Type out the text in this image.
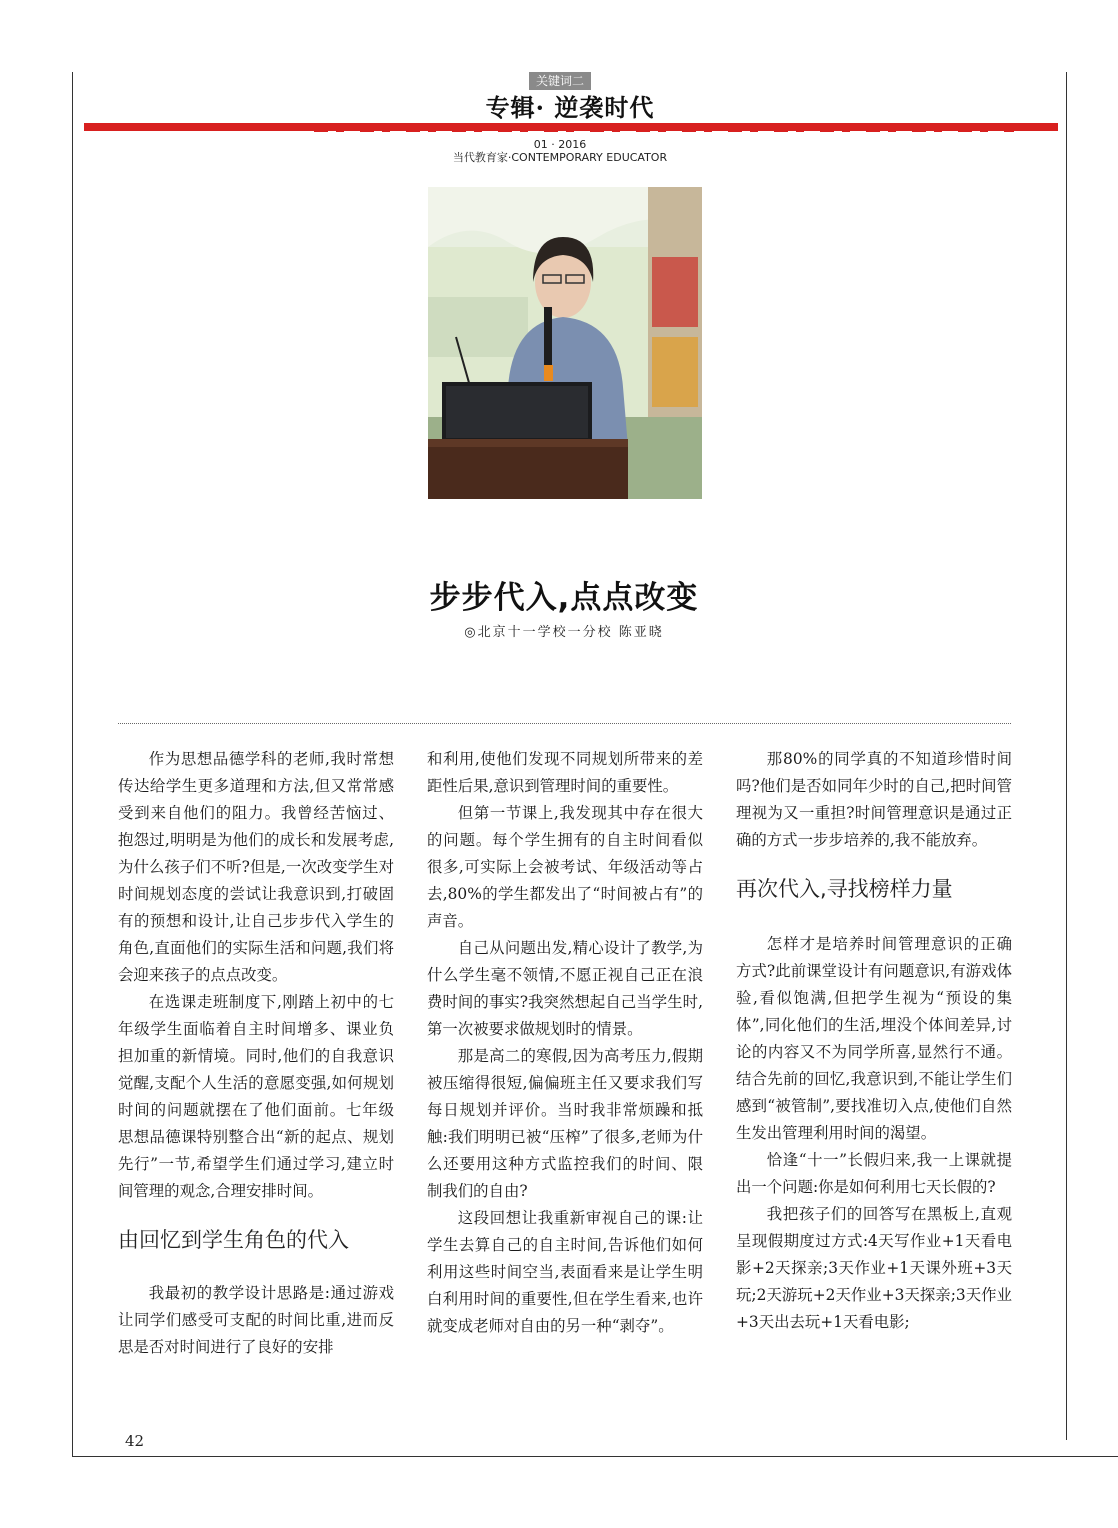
关键词二
专辑· 逆袭时代
01 · 2016
当代教育家·CONTEMPORARY EDUCATOR
步步代入,点点改变
◎北京十一学校一分校 陈亚晓

作为思想品德学科的老师,我时常想传达给学生更多道理和方法,但又常常感受到来自他们的阻力。我曾经苦恼过、抱怨过,明明是为他们的成长和发展考虑,为什么孩子们不听?但是,一次改变学生对时间规划态度的尝试让我意识到,打破固有的预想和设计,让自己步步代入学生的角色,直面他们的实际生活和问题,我们将会迎来孩子的点点改变。

在选课走班制度下,刚踏上初中的七年级学生面临着自主时间增多、课业负担加重的新情境。同时,他们的自我意识觉醒,支配个人生活的意愿变强,如何规划时间的问题就摆在了他们面前。七年级思想品德课特别整合出“新的起点、规划先行”一节,希望学生们通过学习,建立时间管理的观念,合理安排时间。

由回忆到学生角色的代入

我最初的教学设计思路是:通过游戏让同学们感受可支配的时间比重,进而反思是否对时间进行了良好的安排

和利用,使他们发现不同规划所带来的差距性后果,意识到管理时间的重要性。

但第一节课上,我发现其中存在很大的问题。每个学生拥有的自主时间看似很多,可实际上会被考试、年级活动等占去,80%的学生都发出了“时间被占有”的声音。

自己从问题出发,精心设计了教学,为什么学生毫不领情,不愿正视自己正在浪费时间的事实?我突然想起自己当学生时,第一次被要求做规划时的情景。

那是高二的寒假,因为高考压力,假期被压缩得很短,偏偏班主任又要求我们写每日规划并评价。当时我非常烦躁和抵触:我们明明已被“压榨”了很多,老师为什么还要用这种方式监控我们的时间、限制我们的自由?

这段回想让我重新审视自己的课:让学生去算自己的自主时间,告诉他们如何利用这些时间空当,表面看来是让学生明白利用时间的重要性,但在学生看来,也许就变成老师对自由的另一种“剥夺”。

那80%的同学真的不知道珍惜时间吗?他们是否如同年少时的自己,把时间管理视为又一重担?时间管理意识是通过正确的方式一步步培养的,我不能放弃。

再次代入,寻找榜样力量

怎样才是培养时间管理意识的正确方式?此前课堂设计有问题意识,有游戏体验,看似饱满,但把学生视为“预设的集体”,同化他们的生活,埋没个体间差异,讨论的内容又不为同学所喜,显然行不通。结合先前的回忆,我意识到,不能让学生们感到“被管制”,要找准切入点,使他们自然生发出管理利用时间的渴望。

恰逢“十一”长假归来,我一上课就提出一个问题:你是如何利用七天长假的?

我把孩子们的回答写在黑板上,直观呈现假期度过方式:4天写作业+1天看电影+2天探亲;3天作业+1天课外班+3天玩;2天游玩+2天作业+3天探亲;3天作业+3天出去玩+1天看电影;

42
